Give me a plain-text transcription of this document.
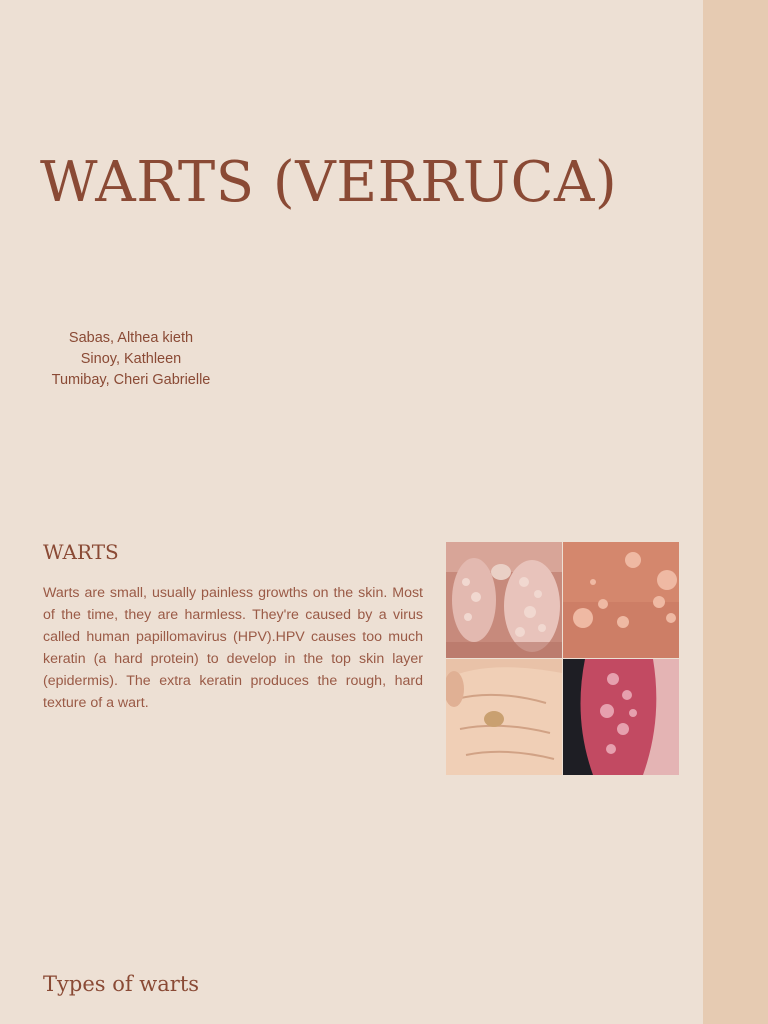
WARTS (VERRUCA)
Sabas, Althea kieth
Sinoy, Kathleen
Tumibay, Cheri Gabrielle
WARTS

Warts are small, usually painless growths on the skin. Most of the time, they are harmless. They're caused by a virus called human papillomavirus (HPV).HPV causes too much keratin (a hard protein) to develop in the top skin layer (epidermis). The extra keratin produces the rough, hard texture of a wart.

Types of warts
